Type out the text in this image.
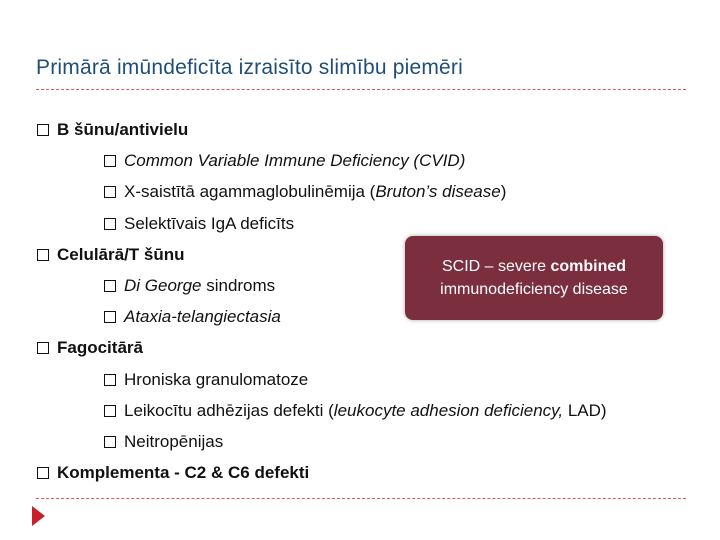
Primārā imūndeficīta izraisīto slimību piemēri
B šūnu/antivielu
Common Variable Immune Deficiency (CVID)
X-saistītā agammaglobulinēmija (Bruton’s disease)
Selektīvais IgA deficīts
Celulārā/T šūnu
Di George sindroms
Ataxia-telangiectasia
Fagocitārā
Hroniska granulomatoze
Leikocītu adhēzijas defekti (leukocyte adhesion deficiency, LAD)
Neitropēnijas
Komplementa - C2 & C6 defekti
SCID – severe combined
immunodeficiency disease
